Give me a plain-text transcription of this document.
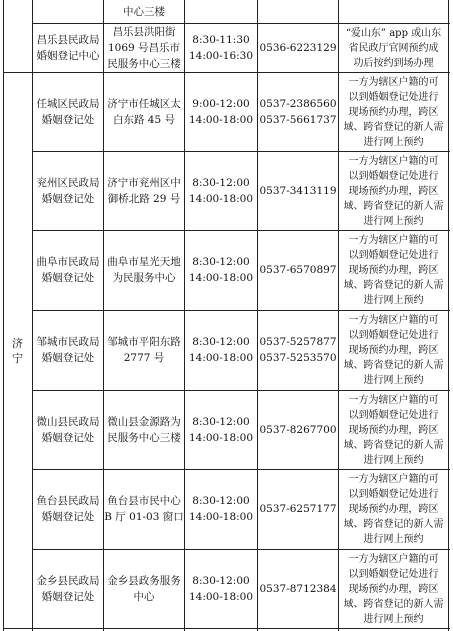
中心三楼
昌乐县民政局
婚姻登记中心
昌乐县洪阳街
1069 号昌乐市
民服务中心三楼
8:30-11:30
14:00-16:30
0536-6223129
“爱山东” app 或山东
省民政厅官网预约成
功后按约到场办理
济
宁
任城区民政局
婚姻登记处
济宁市任城区太
白东路 45 号
9:00-12:00
14:00-18:00
0537-2386560
0537-5661737
一方为辖区户籍的可
以到婚姻登记处进行
现场预约办理，跨区
域、跨省登记的新人需
进行网上预约
兖州区民政局
婚姻登记处
济宁市兖州区中
御桥北路 29 号
8:30-12:00
14:00-18:00
0537-3413119
一方为辖区户籍的可
以到婚姻登记处进行
现场预约办理，跨区
域、跨省登记的新人需
进行网上预约
曲阜市民政局
婚姻登记处
曲阜市星光天地
为民服务中心
8:30-12:00
14:00-18:00
0537-6570897
一方为辖区户籍的可
以到婚姻登记处进行
现场预约办理，跨区
域、跨省登记的新人需
进行网上预约
邹城市民政局
婚姻登记处
邹城市平阳东路
2777 号
8:30-12:00
14:00-18:00
0537-5257877
0537-5253570
一方为辖区户籍的可
以到婚姻登记处进行
现场预约办理，跨区
域、跨省登记的新人需
进行网上预约
微山县民政局
婚姻登记处
微山县金源路为
民服务中心三楼
8:30-12:00
14:00-18:00
0537-8267700
一方为辖区户籍的可
以到婚姻登记处进行
现场预约办理，跨区
域、跨省登记的新人需
进行网上预约
鱼台县民政局
婚姻登记处
鱼台县市民中心
B 厅 01-03 窗口
8:30-12:00
14:00-18:00
0537-6257177
一方为辖区户籍的可
以到婚姻登记处进行
现场预约办理，跨区
域、跨省登记的新人需
进行网上预约
金乡县民政局
婚姻登记处
金乡县政务服务
中心
8:30-12:00
14:00-18:00
0537-8712384
一方为辖区户籍的可
以到婚姻登记处进行
现场预约办理，跨区
域、跨省登记的新人需
进行网上预约
